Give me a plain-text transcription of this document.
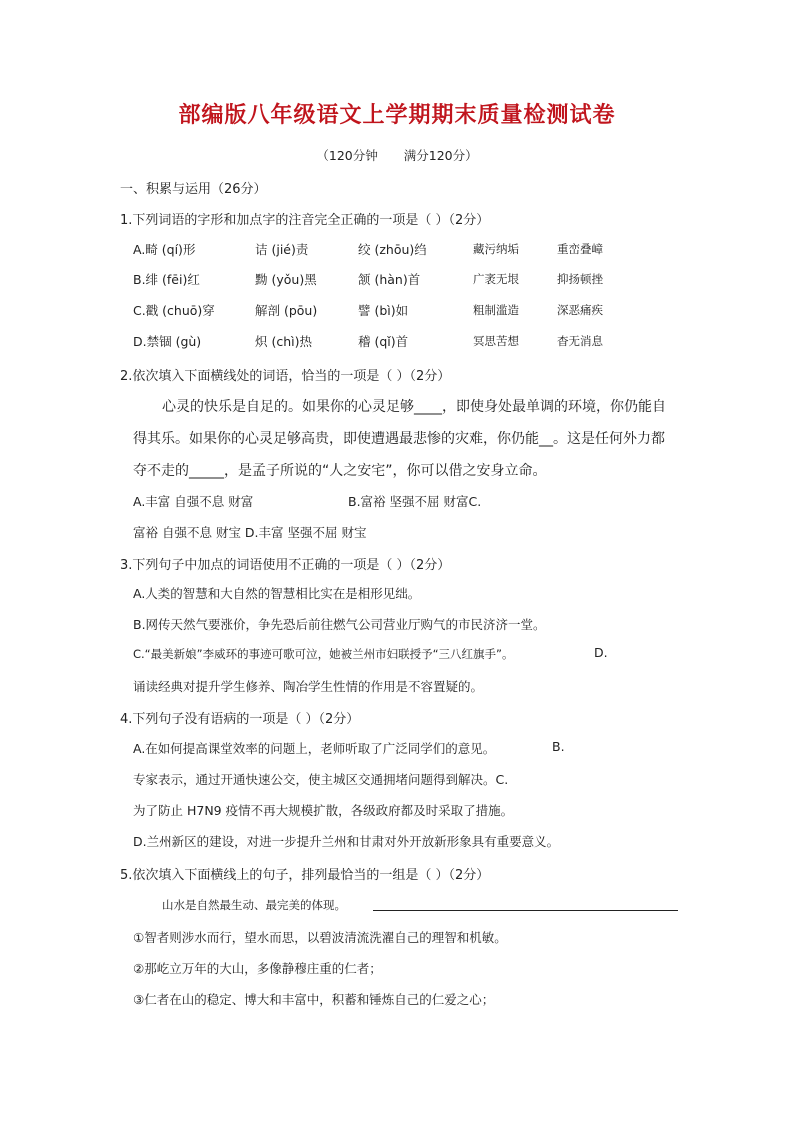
部编版八年级语文上学期期末质量检测试卷
（120分钟 满分120分）
一、积累与运用（26分）
1.下列词语的字形和加点字的注音完全正确的一项是（ ）（2分）
A.畸 (qí)形	诘 (jié)责	绞 (zhōu)绉	藏污纳垢	重峦叠嶂
B.绯 (fēi)红	黝 (yǒu)黑	颔 (hàn)首	广袤无垠	抑扬顿挫
C.戳 (chuō)穿	解剖 (pōu)	譬 (bì)如	粗制滥造	深恶痛疾
D.禁锢 (gù)	炽 (chì)热	稽 (qǐ)首	冥思苦想	杳无消息
2.依次填入下面横线处的词语，恰当的一项是（ ）（2分）
心灵的快乐是自足的。如果你的心灵足够____，即使身处最单调的环境，你仍能自
得其乐。如果你的心灵足够高贵，即使遭遇最悲惨的灾难，你仍能__。这是任何外力都
夺不走的_____，是孟子所说的“人之安宅”，你可以借之安身立命。
A.丰富 自强不息 财富	B.富裕 坚强不屈 财富C.
富裕 自强不息 财宝 D.丰富 坚强不屈 财宝
3.下列句子中加点的词语使用不正确的一项是（ ）（2分）
A.人类的智慧和大自然的智慧相比实在是相形见绌。
B.网传天然气要涨价，争先恐后前往燃气公司营业厅购气的市民济济一堂。
C.“最美新娘”李威环的事迹可歌可泣，她被兰州市妇联授予“三八红旗手”。	D.
诵读经典对提升学生修养、陶冶学生性情的作用是不容置疑的。
4.下列句子没有语病的一项是（ ）（2分）
A.在如何提高课堂效率的问题上，老师听取了广泛同学们的意见。	B.
专家表示，通过开通快速公交，使主城区交通拥堵问题得到解决。C.
为了防止 H7N9 疫情不再大规模扩散，各级政府都及时采取了措施。
D.兰州新区的建设，对进一步提升兰州和甘肃对外开放新形象具有重要意义。
5.依次填入下面横线上的句子，排列最恰当的一组是（ ）（2分）
山水是自然最生动、最完美的体现。
①智者则涉水而行，望水而思，以碧波清流洗濯自己的理智和机敏。
②那屹立万年的大山，多像静穆庄重的仁者；
③仁者在山的稳定、博大和丰富中，积蓄和锤炼自己的仁爱之心；
